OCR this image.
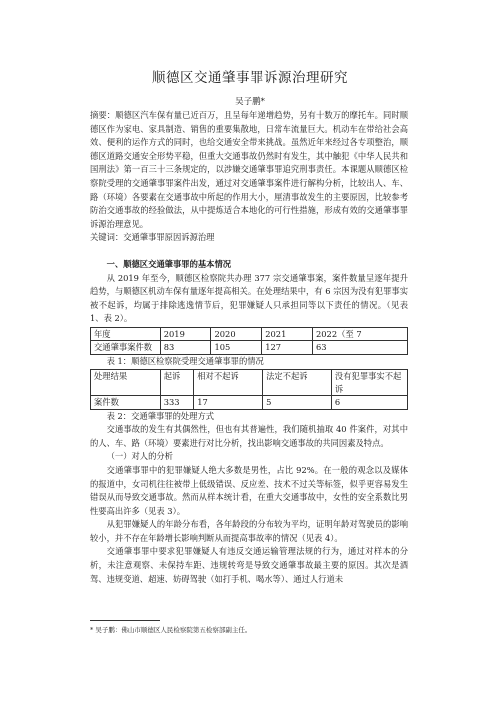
顺德区交通肇事罪诉源治理研究
吴子鹏*

摘要：顺德区汽车保有量已近百万，且呈每年递增趋势，另有十数万的摩托车。同时顺德区作为家电、家具制造、销售的重要集散地，日常车流量巨大。机动车在带给社会高效、便利的运作方式的同时，也给交通安全带来挑战。虽然近年来经过各专项整治，顺德区道路交通安全形势平稳，但重大交通事故仍然时有发生，其中触犯《中华人民共和国刑法》第一百三十三条规定的，以涉嫌交通肇事罪追究刑事责任。本课题从顺德区检察院受理的交通肇事罪案件出发，通过对交通肇事案件进行解构分析，比较出人、车、路（环境）各要素在交通事故中所起的作用大小，厘清事故发生的主要原因，比较参考防治交通事故的经验做法，从中提炼适合本地化的可行性措施，形成有效的交通肇事罪诉源治理意见。

关键词：交通肇事罪原因诉源治理

一、顺德区交通肇事罪的基本情况

从 2019 年至今，顺德区检察院共办理 377 宗交通肇事案，案件数量呈逐年提升趋势，与顺德区机动车保有量逐年提高相关。在处理结果中，有 6 宗因为没有犯罪事实被不起诉，均属于排除逃逸情节后，犯罪嫌疑人只承担同等以下责任的情况。（见表 1、表 2）。

年度	2019	2020	2021	2022（至 7
交通肇事案件数	83	105	127	63

表 1：顺德区检察院受理交通肇事罪的情况

处理结果	起诉	相对不起诉	法定不起诉	没有犯罪事实不起诉
案件数	333	17	5	6

表 2：交通肇事罪的处理方式

交通事故的发生有其偶然性，但也有其普遍性，我们随机抽取 40 件案件，对其中的人、车、路（环境）要素进行对比分析，找出影响交通事故的共同因素及特点。

（一）对人的分析

交通肇事罪中的犯罪嫌疑人绝大多数是男性，占比 92%。在一般的观念以及媒体的报道中，女司机往往被带上低级错误、反应差、技术不过关等标签，似乎更容易发生错误从而导致交通事故。然而从样本统计看，在重大交通事故中，女性的安全系数比男性要高出许多（见表 3）。

从犯罪嫌疑人的年龄分布看，各年龄段的分布较为平均，证明年龄对驾驶员的影响较小，并不存在年龄增长影响判断从而提高事故率的情况（见表 4）。

交通肇事罪中要求犯罪嫌疑人有违反交通运输管理法规的行为，通过对样本的分析，未注意观察、未保持车距、违规转弯是导致交通肇事故最主要的原因。其次是酒驾、违规变道、超速、妨碍驾驶（如打手机、喝水等）、通过人行道未

* 吴子鹏：佛山市顺德区人民检察院第五检察部副主任。
